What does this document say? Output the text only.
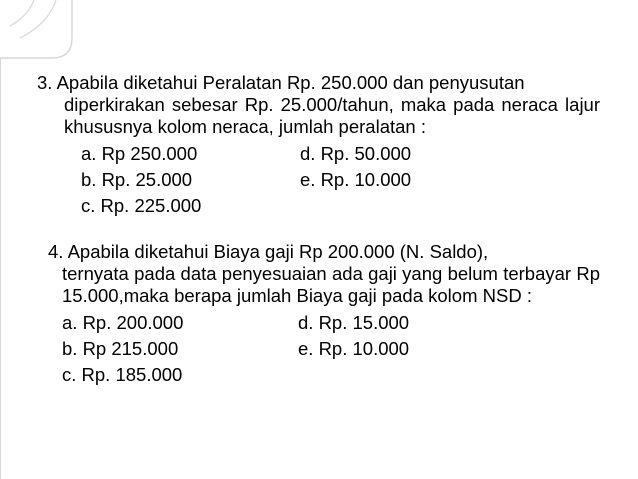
3. Apabila diketahui Peralatan Rp. 250.000 dan penyusutan
diperkirakan sebesar Rp. 25.000/tahun, maka pada neraca lajur khususnya kolom neraca, jumlah peralatan :
a. Rp 250.000	d. Rp. 50.000
b. Rp. 25.000	e. Rp. 10.000
c. Rp. 225.000
4. Apabila diketahui Biaya gaji Rp 200.000 (N. Saldo),
ternyata pada data penyesuaian ada gaji yang belum terbayar Rp 15.000,maka berapa jumlah Biaya gaji pada kolom NSD :
a. Rp. 200.000	d. Rp. 15.000
b. Rp 215.000	e. Rp. 10.000
c. Rp. 185.000
